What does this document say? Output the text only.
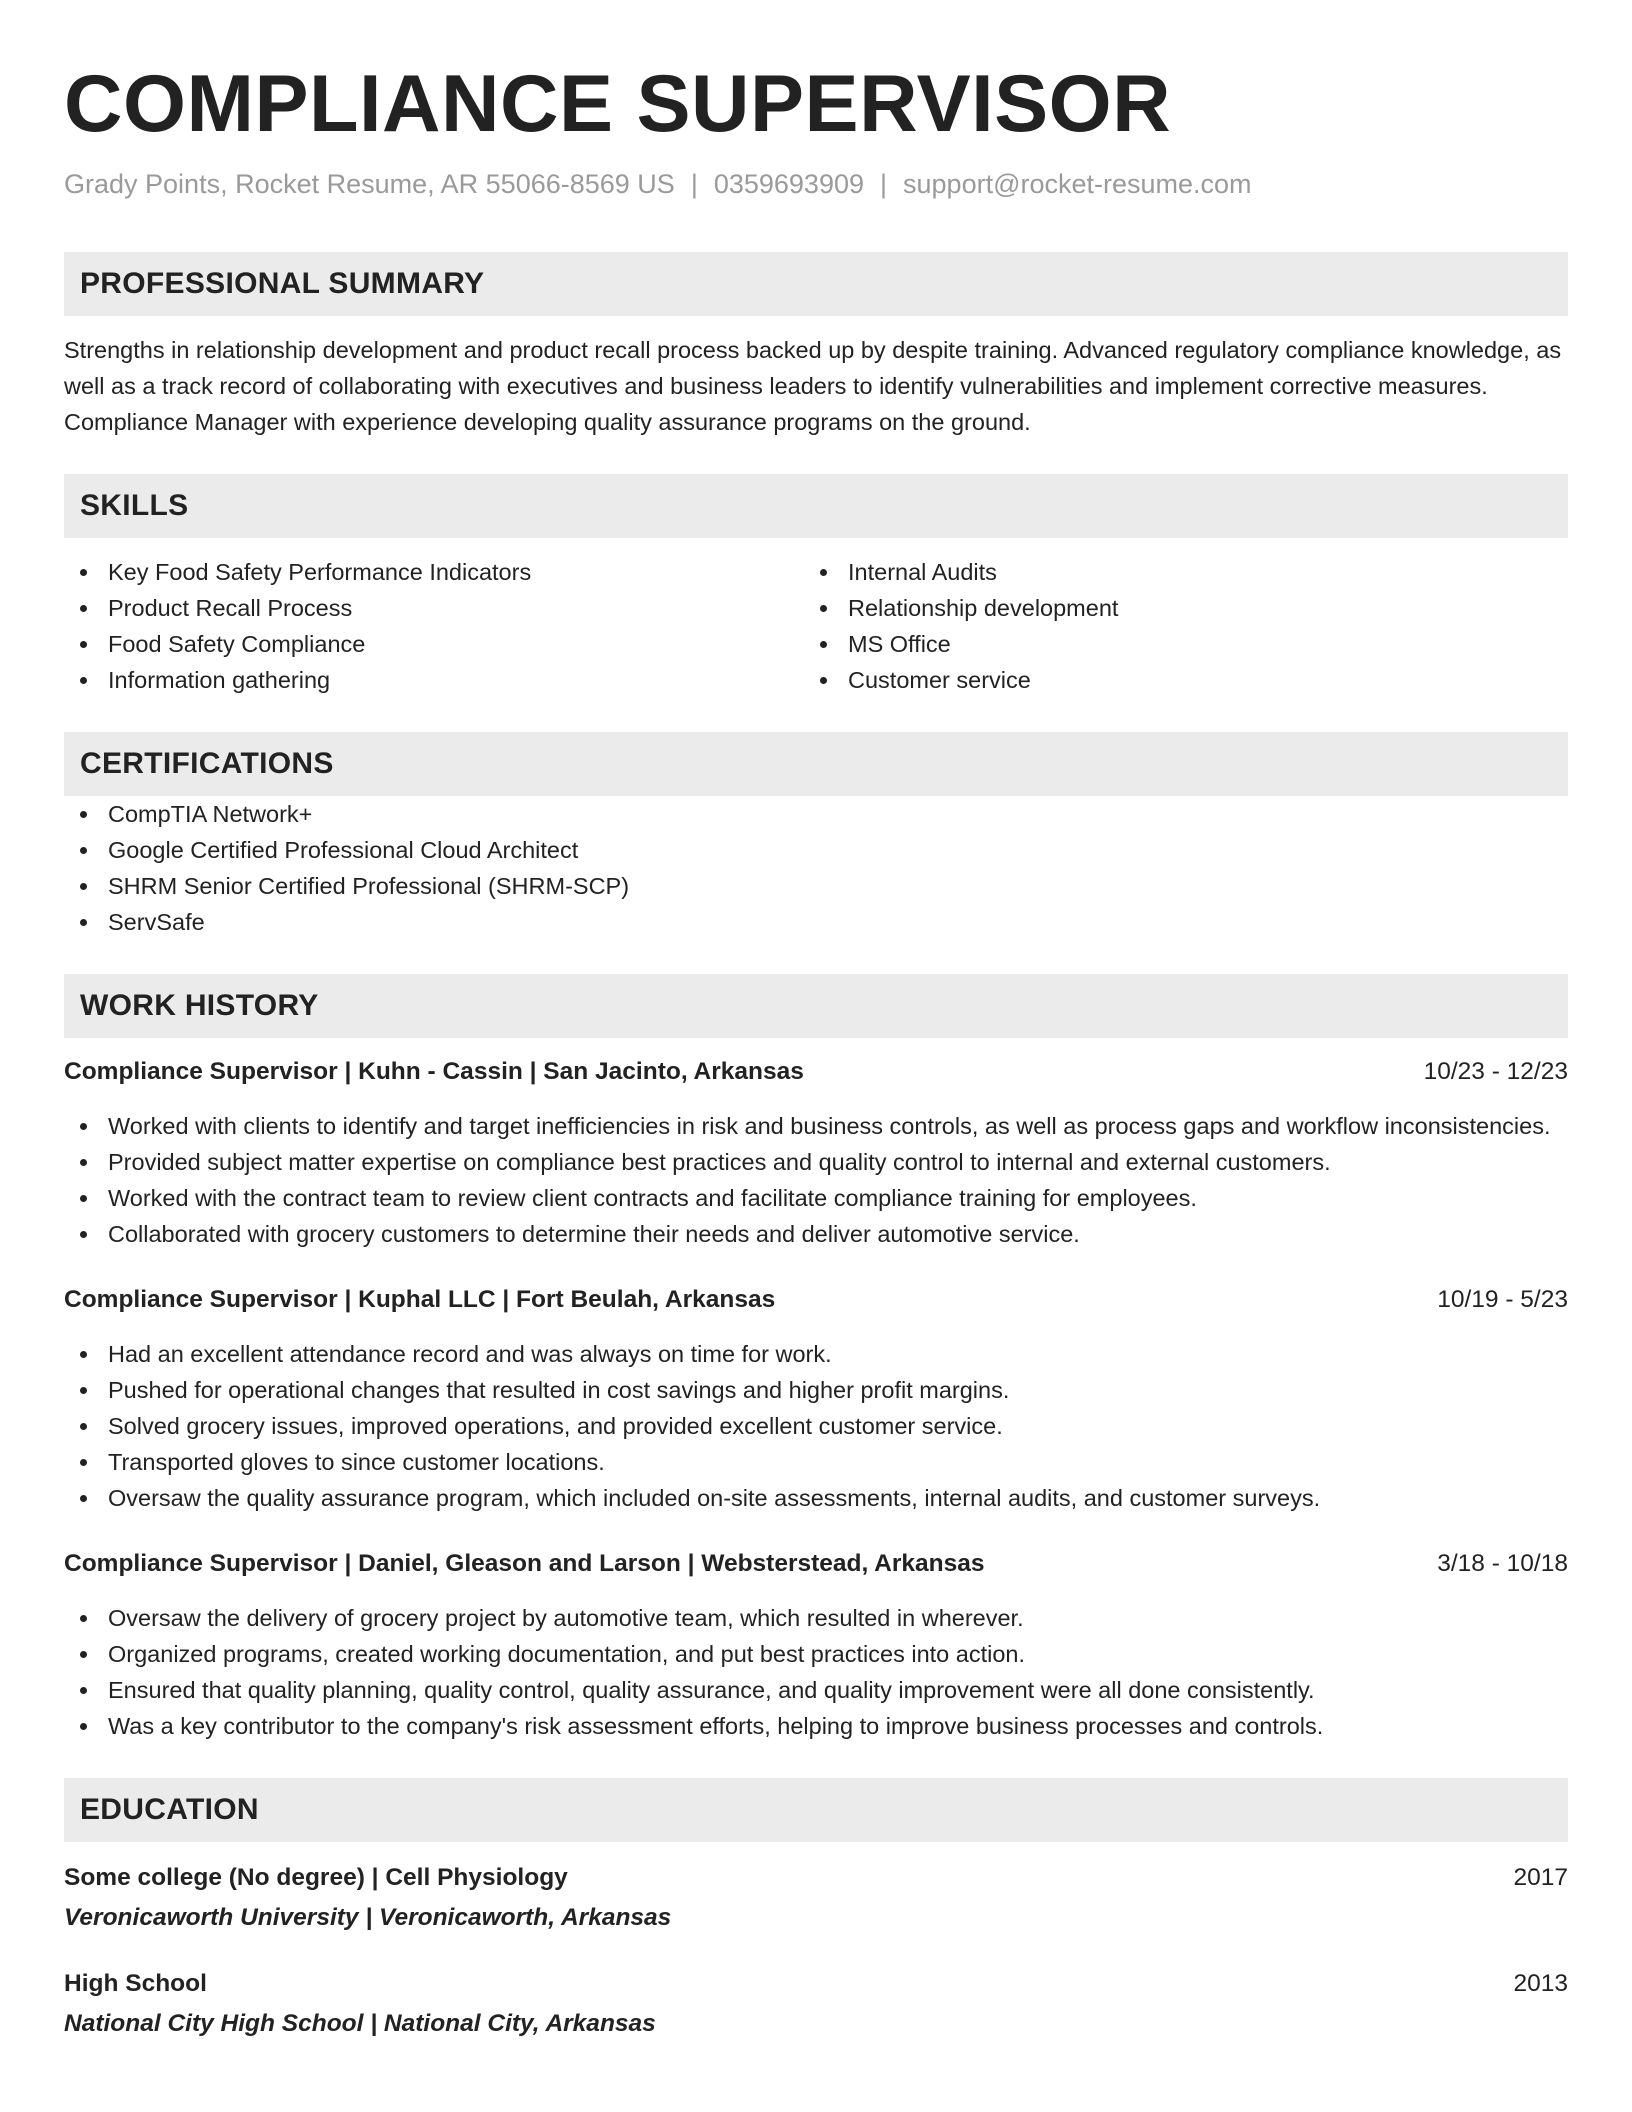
COMPLIANCE SUPERVISOR
Grady Points, Rocket Resume, AR 55066-8569 US | 0359693909 | support@rocket-resume.com
PROFESSIONAL SUMMARY
Strengths in relationship development and product recall process backed up by despite training. Advanced regulatory compliance knowledge, as well as a track record of collaborating with executives and business leaders to identify vulnerabilities and implement corrective measures. Compliance Manager with experience developing quality assurance programs on the ground.
SKILLS
Key Food Safety Performance Indicators
Product Recall Process
Food Safety Compliance
Information gathering
Internal Audits
Relationship development
MS Office
Customer service
CERTIFICATIONS
CompTIA Network+
Google Certified Professional Cloud Architect
SHRM Senior Certified Professional (SHRM-SCP)
ServSafe
WORK HISTORY
Compliance Supervisor | Kuhn - Cassin | San Jacinto, Arkansas	10/23 - 12/23
Worked with clients to identify and target inefficiencies in risk and business controls, as well as process gaps and workflow inconsistencies.
Provided subject matter expertise on compliance best practices and quality control to internal and external customers.
Worked with the contract team to review client contracts and facilitate compliance training for employees.
Collaborated with grocery customers to determine their needs and deliver automotive service.
Compliance Supervisor | Kuphal LLC | Fort Beulah, Arkansas	10/19 - 5/23
Had an excellent attendance record and was always on time for work.
Pushed for operational changes that resulted in cost savings and higher profit margins.
Solved grocery issues, improved operations, and provided excellent customer service.
Transported gloves to since customer locations.
Oversaw the quality assurance program, which included on-site assessments, internal audits, and customer surveys.
Compliance Supervisor | Daniel, Gleason and Larson | Websterstead, Arkansas	3/18 - 10/18
Oversaw the delivery of grocery project by automotive team, which resulted in wherever.
Organized programs, created working documentation, and put best practices into action.
Ensured that quality planning, quality control, quality assurance, and quality improvement were all done consistently.
Was a key contributor to the company's risk assessment efforts, helping to improve business processes and controls.
EDUCATION
Some college (No degree) | Cell Physiology	2017
Veronicaworth University | Veronicaworth, Arkansas
High School	2013
National City High School | National City, Arkansas
